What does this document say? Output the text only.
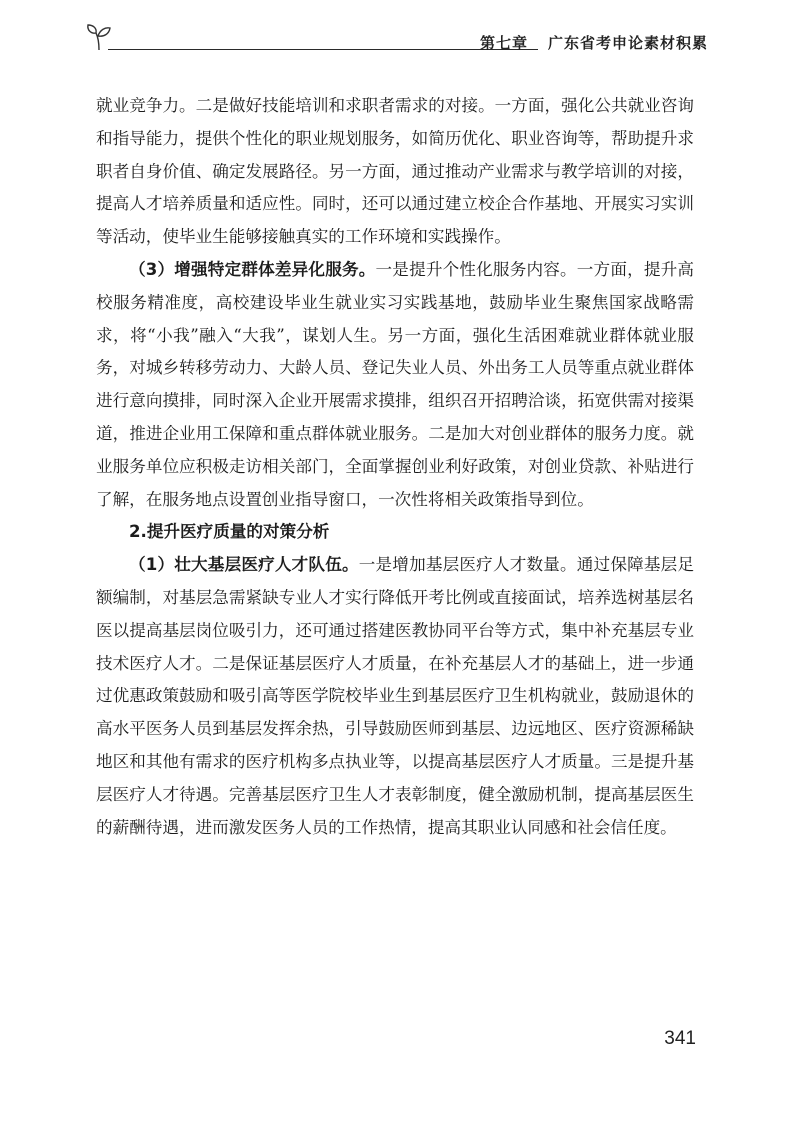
第七章 广东省考申论素材积累

就业竞争力。二是做好技能培训和求职者需求的对接。一方面，强化公共就业咨询和指导能力，提供个性化的职业规划服务，如简历优化、职业咨询等，帮助提升求职者自身价值、确定发展路径。另一方面，通过推动产业需求与教学培训的对接，提高人才培养质量和适应性。同时，还可以通过建立校企合作基地、开展实习实训等活动，使毕业生能够接触真实的工作环境和实践操作。

（3）增强特定群体差异化服务。一是提升个性化服务内容。一方面，提升高校服务精准度，高校建设毕业生就业实习实践基地，鼓励毕业生聚焦国家战略需求，将“小我”融入“大我”，谋划人生。另一方面，强化生活困难就业群体就业服务，对城乡转移劳动力、大龄人员、登记失业人员、外出务工人员等重点就业群体进行意向摸排，同时深入企业开展需求摸排，组织召开招聘洽谈，拓宽供需对接渠道，推进企业用工保障和重点群体就业服务。二是加大对创业群体的服务力度。就业服务单位应积极走访相关部门，全面掌握创业利好政策，对创业贷款、补贴进行了解，在服务地点设置创业指导窗口，一次性将相关政策指导到位。

2.提升医疗质量的对策分析

（1）壮大基层医疗人才队伍。一是增加基层医疗人才数量。通过保障基层足额编制，对基层急需紧缺专业人才实行降低开考比例或直接面试，培养选树基层名医以提高基层岗位吸引力，还可通过搭建医教协同平台等方式，集中补充基层专业技术医疗人才。二是保证基层医疗人才质量，在补充基层人才的基础上，进一步通过优惠政策鼓励和吸引高等医学院校毕业生到基层医疗卫生机构就业，鼓励退休的高水平医务人员到基层发挥余热，引导鼓励医师到基层、边远地区、医疗资源稀缺地区和其他有需求的医疗机构多点执业等，以提高基层医疗人才质量。三是提升基层医疗人才待遇。完善基层医疗卫生人才表彰制度，健全激励机制，提高基层医生的薪酬待遇，进而激发医务人员的工作热情，提高其职业认同感和社会信任度。

341
